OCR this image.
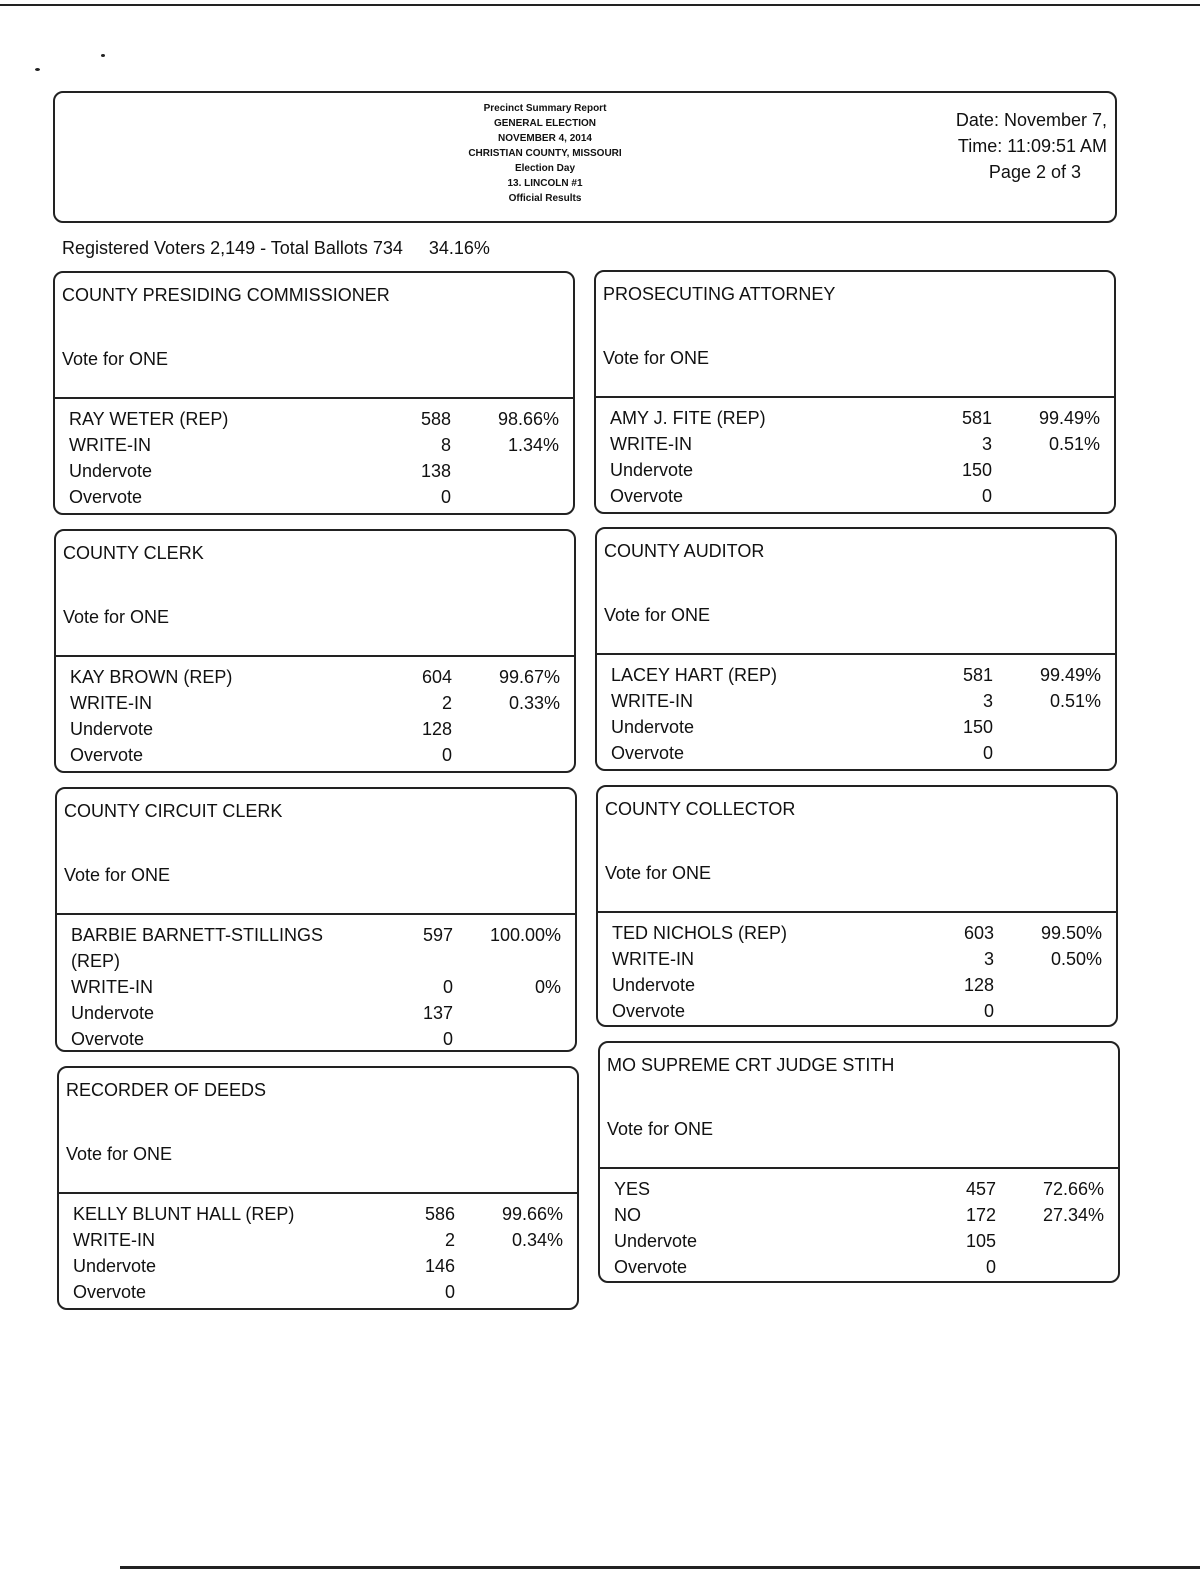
Precinct Summary Report
GENERAL ELECTION
NOVEMBER 4, 2014
CHRISTIAN COUNTY, MISSOURI
Election Day
13. LINCOLN #1
Official Results
Date: November 7,
Time: 11:09:51 AM
Page 2 of 3
Registered Voters 2,149 - Total Ballots 734 34.16%
COUNTY PRESIDING COMMISSIONER
Vote for ONE
RAY WETER (REP)	588	98.66%
WRITE-IN	8	1.34%
Undervote	138
Overvote	0
COUNTY CLERK
Vote for ONE
KAY BROWN (REP)	604	99.67%
WRITE-IN	2	0.33%
Undervote	128
Overvote	0
COUNTY CIRCUIT CLERK
Vote for ONE
BARBIE BARNETT-STILLINGS	597 100.00%
(REP)
WRITE-IN	0	0%
Undervote	137
Overvote	0
RECORDER OF DEEDS
Vote for ONE
KELLY BLUNT HALL (REP)	586	99.66%
WRITE-IN	2	0.34%
Undervote	146
Overvote	0
PROSECUTING ATTORNEY
Vote for ONE
AMY J. FITE (REP)	581	99.49%
WRITE-IN	3	0.51%
Undervote	150
Overvote	0
COUNTY AUDITOR
Vote for ONE
LACEY HART (REP)	581	99.49%
WRITE-IN	3	0.51%
Undervote	150
Overvote	0
COUNTY COLLECTOR
Vote for ONE
TED NICHOLS (REP)	603	99.50%
WRITE-IN	3	0.50%
Undervote	128
Overvote	0
MO SUPREME CRT JUDGE STITH
Vote for ONE
YES	457	72.66%
NO	172	27.34%
Undervote	105
Overvote	0
